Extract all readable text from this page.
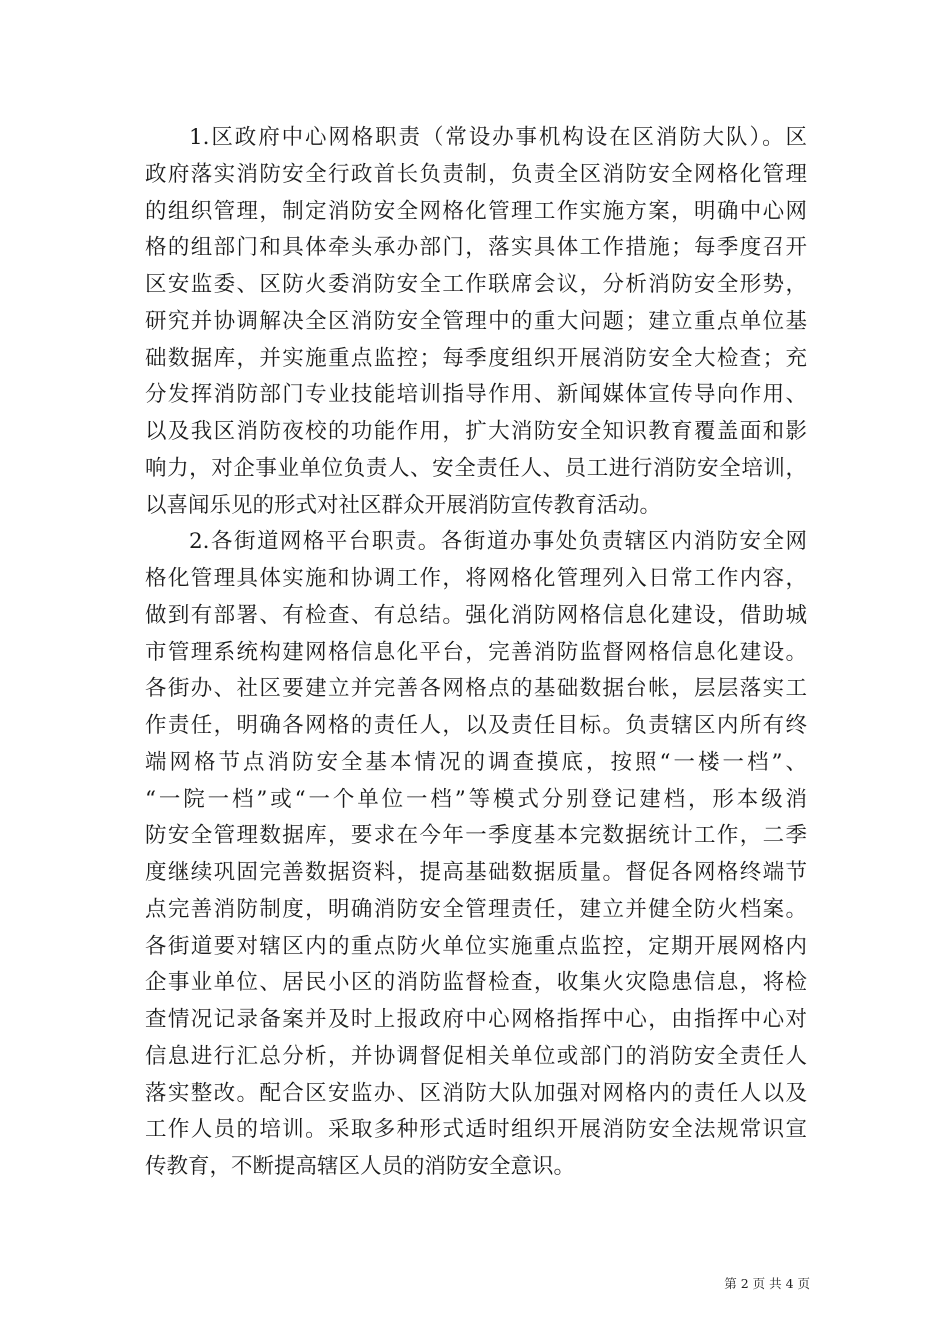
1.区政府中心网格职责（常设办事机构设在区消防大队）。区
政府落实消防安全行政首长负责制，负责全区消防安全网格化管理
的组织管理，制定消防安全网格化管理工作实施方案，明确中心网
格的组部门和具体牵头承办部门，落实具体工作措施；每季度召开
区安监委、区防火委消防安全工作联席会议，分析消防安全形势，
研究并协调解决全区消防安全管理中的重大问题；建立重点单位基
础数据库，并实施重点监控；每季度组织开展消防安全大检查；充
分发挥消防部门专业技能培训指导作用、新闻媒体宣传导向作用、
以及我区消防夜校的功能作用，扩大消防安全知识教育覆盖面和影
响力，对企事业单位负责人、安全责任人、员工进行消防安全培训，
以喜闻乐见的形式对社区群众开展消防宣传教育活动。
2.各街道网格平台职责。各街道办事处负责辖区内消防安全网
格化管理具体实施和协调工作，将网格化管理列入日常工作内容，
做到有部署、有检查、有总结。强化消防网格信息化建设，借助城
市管理系统构建网格信息化平台，完善消防监督网格信息化建设。
各街办、社区要建立并完善各网格点的基础数据台帐，层层落实工
作责任，明确各网格的责任人，以及责任目标。负责辖区内所有终
端网格节点消防安全基本情况的调查摸底，按照“一楼一档”、
“一院一档”或“一个单位一档”等模式分别登记建档，形本级消
防安全管理数据库，要求在今年一季度基本完数据统计工作，二季
度继续巩固完善数据资料，提高基础数据质量。督促各网格终端节
点完善消防制度，明确消防安全管理责任，建立并健全防火档案。
各街道要对辖区内的重点防火单位实施重点监控，定期开展网格内
企事业单位、居民小区的消防监督检查，收集火灾隐患信息，将检
查情况记录备案并及时上报政府中心网格指挥中心，由指挥中心对
信息进行汇总分析，并协调督促相关单位或部门的消防安全责任人
落实整改。配合区安监办、区消防大队加强对网格内的责任人以及
工作人员的培训。采取多种形式适时组织开展消防安全法规常识宣
传教育，不断提高辖区人员的消防安全意识。
第 2 页 共 4 页
